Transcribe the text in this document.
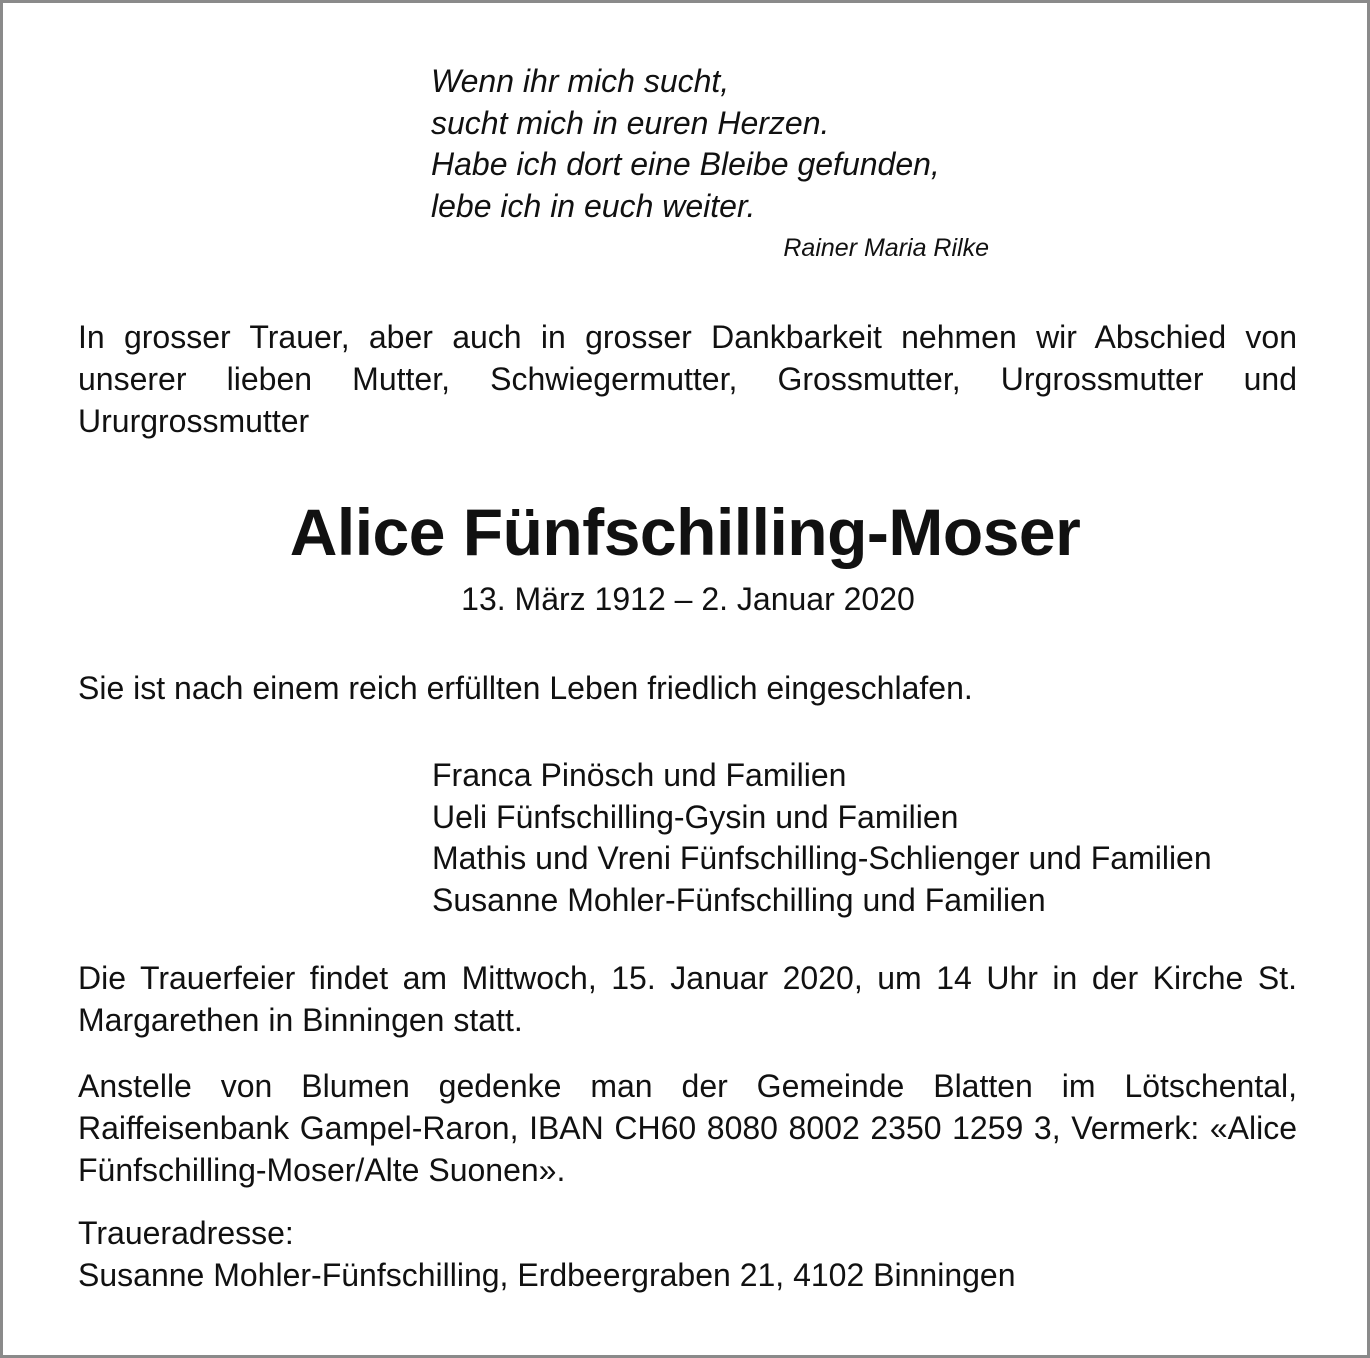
Wenn ihr mich sucht,
sucht mich in euren Herzen.
Habe ich dort eine Bleibe gefunden,
lebe ich in euch weiter.
Rainer Maria Rilke
In grosser Trauer, aber auch in grosser Dankbarkeit nehmen wir Abschied von unserer lieben Mutter, Schwiegermutter, Grossmutter, Urgrossmutter und Ururgrossmutter
Alice Fünfschilling-Moser
13. März 1912 – 2. Januar 2020
Sie ist nach einem reich erfüllten Leben friedlich eingeschlafen.
Franca Pinösch und Familien
Ueli Fünfschilling-Gysin und Familien
Mathis und Vreni Fünfschilling-Schlienger und Familien
Susanne Mohler-Fünfschilling und Familien
Die Trauerfeier findet am Mittwoch, 15. Januar 2020, um 14 Uhr in der Kirche St. Margarethen in Binningen statt.
Anstelle von Blumen gedenke man der Gemeinde Blatten im Lötschental, Raiffeisenbank Gampel-Raron, IBAN CH60 8080 8002 2350 1259 3, Vermerk: «Alice Fünfschilling-Moser/Alte Suonen».
Traueradresse:
Susanne Mohler-Fünfschilling, Erdbeergraben 21, 4102 Binningen
